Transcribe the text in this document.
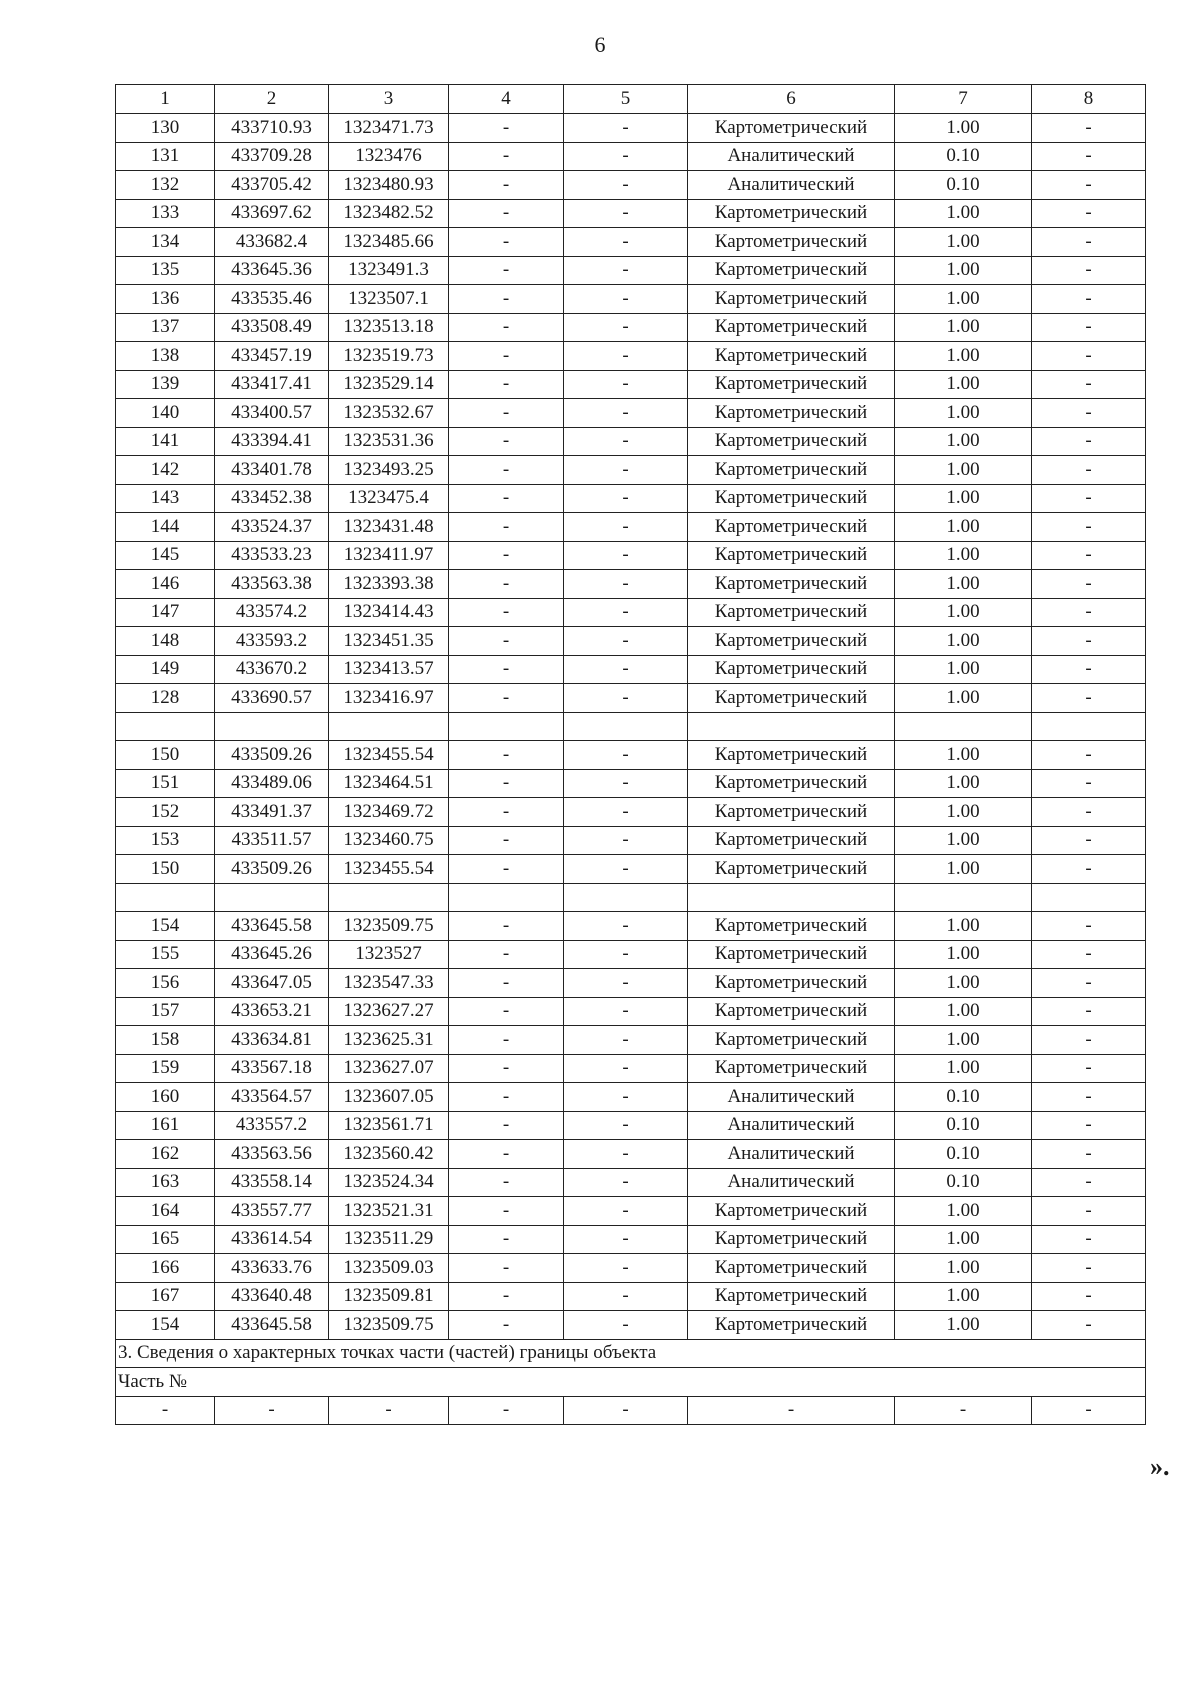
6
1	2	3	4	5	6	7	8
130	433710.93	1323471.73	-	-	Картометрический	1.00	-
131	433709.28	1323476	-	-	Аналитический	0.10	-
132	433705.42	1323480.93	-	-	Аналитический	0.10	-
133	433697.62	1323482.52	-	-	Картометрический	1.00	-
134	433682.4	1323485.66	-	-	Картометрический	1.00	-
135	433645.36	1323491.3	-	-	Картометрический	1.00	-
136	433535.46	1323507.1	-	-	Картометрический	1.00	-
137	433508.49	1323513.18	-	-	Картометрический	1.00	-
138	433457.19	1323519.73	-	-	Картометрический	1.00	-
139	433417.41	1323529.14	-	-	Картометрический	1.00	-
140	433400.57	1323532.67	-	-	Картометрический	1.00	-
141	433394.41	1323531.36	-	-	Картометрический	1.00	-
142	433401.78	1323493.25	-	-	Картометрический	1.00	-
143	433452.38	1323475.4	-	-	Картометрический	1.00	-
144	433524.37	1323431.48	-	-	Картометрический	1.00	-
145	433533.23	1323411.97	-	-	Картометрический	1.00	-
146	433563.38	1323393.38	-	-	Картометрический	1.00	-
147	433574.2	1323414.43	-	-	Картометрический	1.00	-
148	433593.2	1323451.35	-	-	Картометрический	1.00	-
149	433670.2	1323413.57	-	-	Картометрический	1.00	-
128	433690.57	1323416.97	-	-	Картометрический	1.00	-

150	433509.26	1323455.54	-	-	Картометрический	1.00	-
151	433489.06	1323464.51	-	-	Картометрический	1.00	-
152	433491.37	1323469.72	-	-	Картометрический	1.00	-
153	433511.57	1323460.75	-	-	Картометрический	1.00	-
150	433509.26	1323455.54	-	-	Картометрический	1.00	-

154	433645.58	1323509.75	-	-	Картометрический	1.00	-
155	433645.26	1323527	-	-	Картометрический	1.00	-
156	433647.05	1323547.33	-	-	Картометрический	1.00	-
157	433653.21	1323627.27	-	-	Картометрический	1.00	-
158	433634.81	1323625.31	-	-	Картометрический	1.00	-
159	433567.18	1323627.07	-	-	Картометрический	1.00	-
160	433564.57	1323607.05	-	-	Аналитический	0.10	-
161	433557.2	1323561.71	-	-	Аналитический	0.10	-
162	433563.56	1323560.42	-	-	Аналитический	0.10	-
163	433558.14	1323524.34	-	-	Аналитический	0.10	-
164	433557.77	1323521.31	-	-	Картометрический	1.00	-
165	433614.54	1323511.29	-	-	Картометрический	1.00	-
166	433633.76	1323509.03	-	-	Картометрический	1.00	-
167	433640.48	1323509.81	-	-	Картометрический	1.00	-
154	433645.58	1323509.75	-	-	Картометрический	1.00	-
3. Сведения о характерных точках части (частей) границы объекта							
Часть №							
-	-	-	-	-	-	-	-
».
